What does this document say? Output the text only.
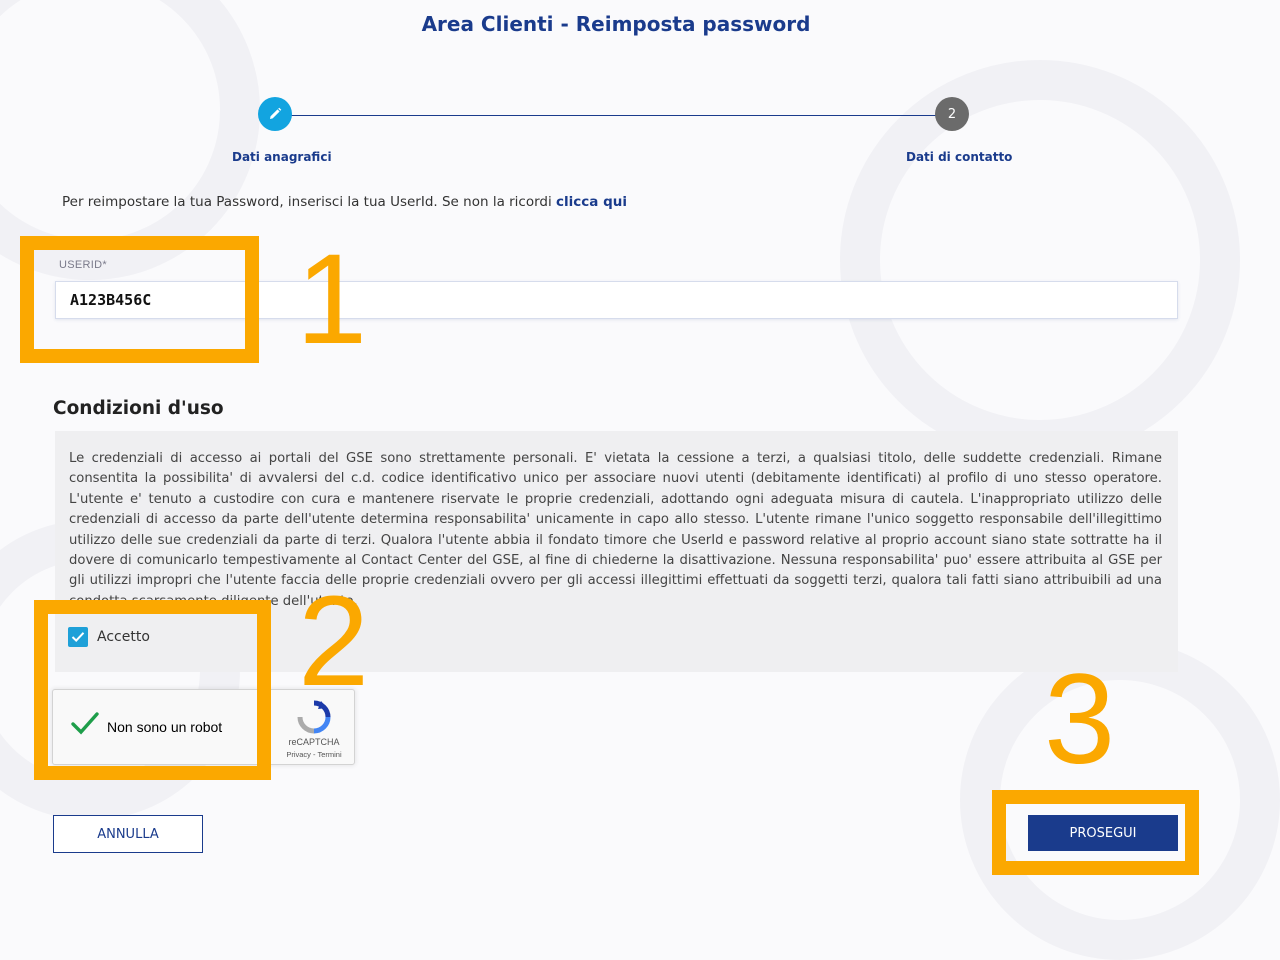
Area Clienti - Reimposta password
2
Dati anagrafici	Dati di contatto
Per reimpostare la tua Password, inserisci la tua UserId. Se non la ricordi clicca qui
USERID*
A123B456C 1
Condizioni d'uso
Le credenziali di accesso ai portali del GSE sono strettamente personali. E' vietata la cessione a terzi, a qualsiasi titolo, delle suddette credenziali. Rimane consentita la possibilita' di avvalersi del c.d. codice identificativo unico per associare nuovi utenti (debitamente identificati) al profilo di uno stesso operatore. L'utente e' tenuto a custodire con cura e mantenere riservate le proprie credenziali, adottando ogni adeguata misura di cautela. L'inappropriato utilizzo delle credenziali di accesso da parte dell'utente determina responsabilita' unicamente in capo allo stesso. L'utente rimane l'unico soggetto responsabile dell'illegittimo utilizzo delle sue credenziali da parte di terzi. Qualora l'utente abbia il fondato timore che UserId e password relative al proprio account siano state sottratte ha il dovere di comunicarlo tempestivamente al Contact Center del GSE, al fine di chiederne la disattivazione. Nessuna responsabilita' puo' essere attribuita al GSE per gli utilizzi impropri che l'utente faccia delle proprie credenziali ovvero per gli accessi illegittimi effettuati da soggetti terzi, qualora tali fatti siano attribuibili ad una condotta scarsamente diligente dell'utente.
Accetto
Non sono un robot
reCAPTCHA
Privacy - Termini
2
ANNULLA	PROSEGUI
3
